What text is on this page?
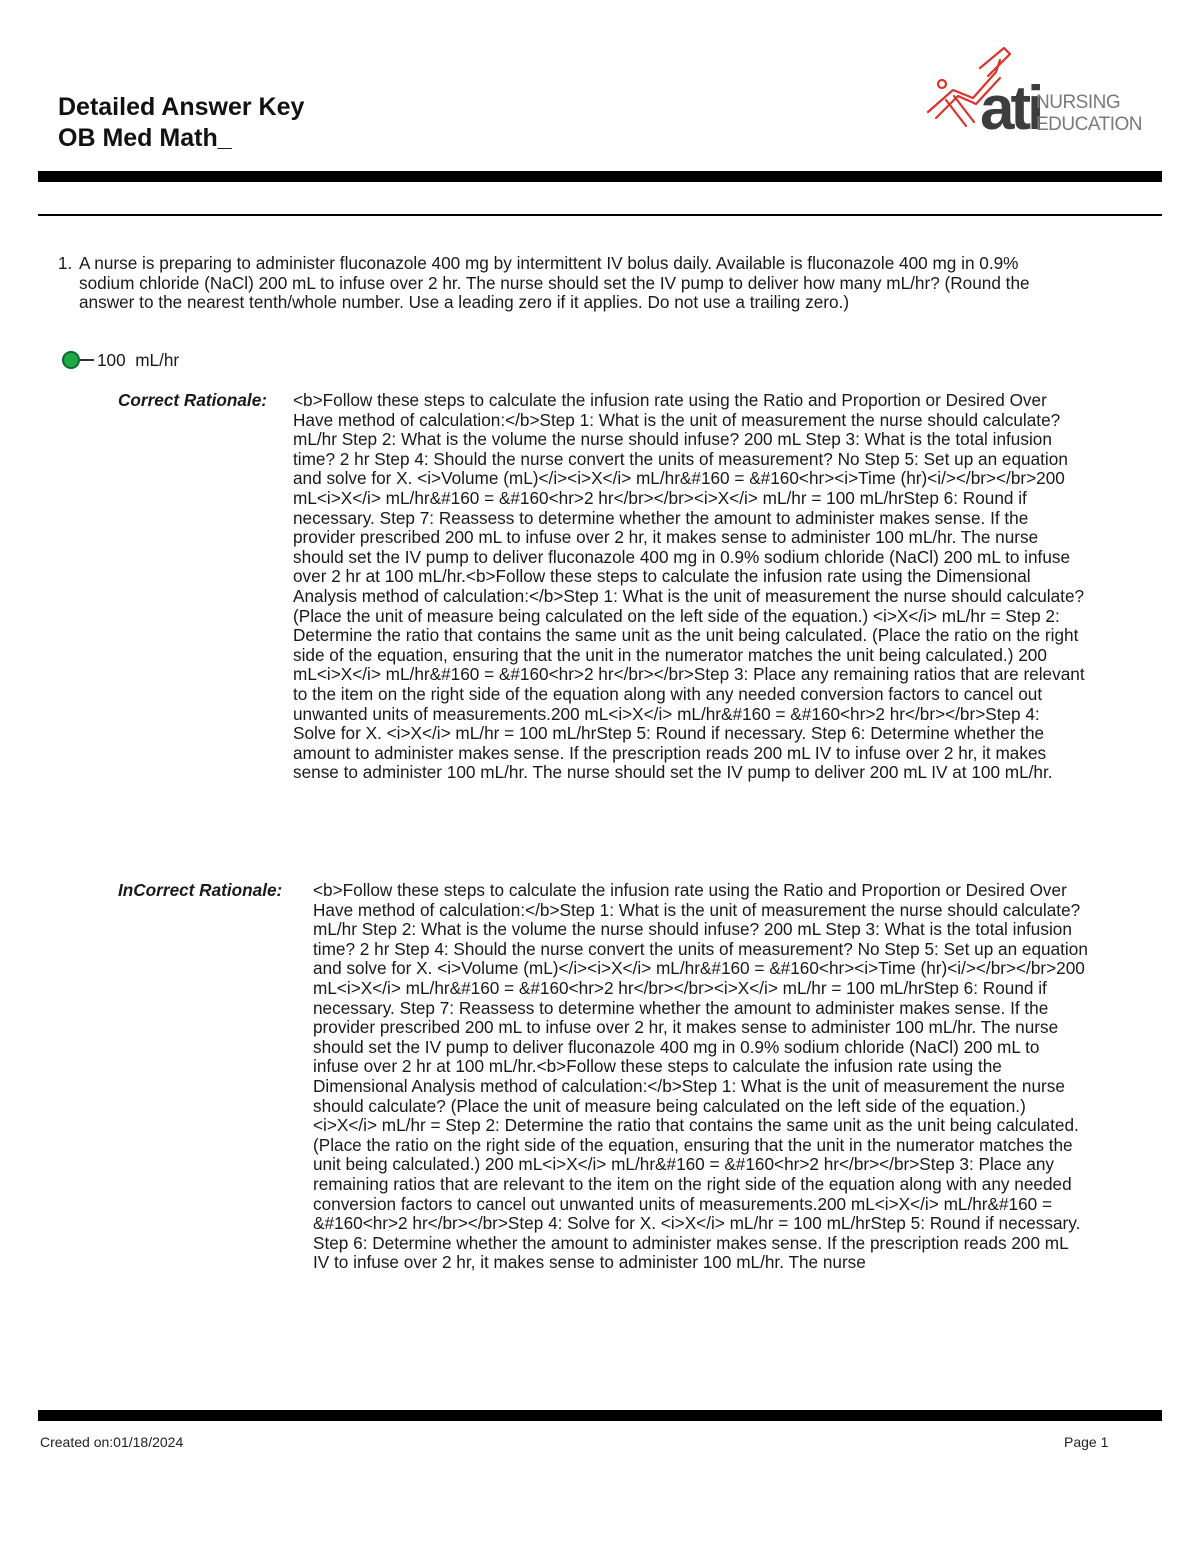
Detailed Answer Key
OB Med Math_	ati
NURSING
EDUCATION
1. A nurse is preparing to administer fluconazole 400 mg by intermittent IV bolus daily. Available is fluconazole 400 mg in 0.9% sodium chloride (NaCl) 200 mL to infuse over 2 hr. The nurse should set the IV pump to deliver how many mL/hr? (Round the answer to the nearest tenth/whole number. Use a leading zero if it applies. Do not use a trailing zero.)
100  mL/hr
Correct Rationale: <b>Follow these steps to calculate the infusion rate using the Ratio and Proportion or Desired Over Have method of calculation:</b>Step 1: What is the unit of measurement the nurse should calculate? mL/hr Step 2: What is the volume the nurse should infuse? 200 mL Step 3: What is the total infusion time? 2 hr Step 4: Should the nurse convert the units of measurement? No Step 5: Set up an equation and solve for X. <i>Volume (mL)</i><i>X</i> mL/hr&#160 = &#160<hr><i>Time (hr)<i/></br></br>200 mL<i>X</i> mL/hr&#160 = &#160<hr>2 hr</br></br><i>X</i> mL/hr = 100 mL/hrStep 6: Round if necessary. Step 7: Reassess to determine whether the amount to administer makes sense. If the provider prescribed 200 mL to infuse over 2 hr, it makes sense to administer 100 mL/hr. The nurse should set the IV pump to deliver fluconazole 400 mg in 0.9% sodium chloride (NaCl) 200 mL to infuse over 2 hr at 100 mL/hr.<b>Follow these steps to calculate the infusion rate using the Dimensional Analysis method of calculation:</b>Step 1: What is the unit of measurement the nurse should calculate? (Place the unit of measure being calculated on the left side of the equation.) <i>X</i> mL/hr = Step 2: Determine the ratio that contains the same unit as the unit being calculated. (Place the ratio on the right side of the equation, ensuring that the unit in the numerator matches the unit being calculated.) 200 mL<i>X</i> mL/hr&#160 = &#160<hr>2 hr</br></br>Step 3: Place any remaining ratios that are relevant to the item on the right side of the equation along with any needed conversion factors to cancel out unwanted units of measurements.200 mL<i>X</i> mL/hr&#160 = &#160<hr>2 hr</br></br>Step 4: Solve for X. <i>X</i> mL/hr = 100 mL/hrStep 5: Round if necessary. Step 6: Determine whether the amount to administer makes sense. If the prescription reads 200 mL IV to infuse over 2 hr, it makes sense to administer 100 mL/hr. The nurse should set the IV pump to deliver 200 mL IV at 100 mL/hr.
InCorrect Rationale: <b>Follow these steps to calculate the infusion rate using the Ratio and Proportion or Desired Over Have method of calculation:</b>Step 1: What is the unit of measurement the nurse should calculate? mL/hr Step 2: What is the volume the nurse should infuse? 200 mL Step 3: What is the total infusion time? 2 hr Step 4: Should the nurse convert the units of measurement? No Step 5: Set up an equation and solve for X. <i>Volume (mL)</i><i>X</i> mL/hr&#160 = &#160<hr><i>Time (hr)<i/></br></br>200 mL<i>X</i> mL/hr&#160 = &#160<hr>2 hr</br></br><i>X</i> mL/hr = 100 mL/hrStep 6: Round if necessary. Step 7: Reassess to determine whether the amount to administer makes sense. If the provider prescribed 200 mL to infuse over 2 hr, it makes sense to administer 100 mL/hr. The nurse should set the IV pump to deliver fluconazole 400 mg in 0.9% sodium chloride (NaCl) 200 mL to infuse over 2 hr at 100 mL/hr.<b>Follow these steps to calculate the infusion rate using the Dimensional Analysis method of calculation:</b>Step 1: What is the unit of measurement the nurse should calculate? (Place the unit of measure being calculated on the left side of the equation.) <i>X</i> mL/hr = Step 2: Determine the ratio that contains the same unit as the unit being calculated. (Place the ratio on the right side of the equation, ensuring that the unit in the numerator matches the unit being calculated.) 200 mL<i>X</i> mL/hr&#160 = &#160<hr>2 hr</br></br>Step 3: Place any remaining ratios that are relevant to the item on the right side of the equation along with any needed conversion factors to cancel out unwanted units of measurements.200 mL<i>X</i> mL/hr&#160 = &#160<hr>2 hr</br></br>Step 4: Solve for X. <i>X</i> mL/hr = 100 mL/hrStep 5: Round if necessary. Step 6: Determine whether the amount to administer makes sense. If the prescription reads 200 mL IV to infuse over 2 hr, it makes sense to administer 100 mL/hr. The nurse
Created on:01/18/2024	Page 1
